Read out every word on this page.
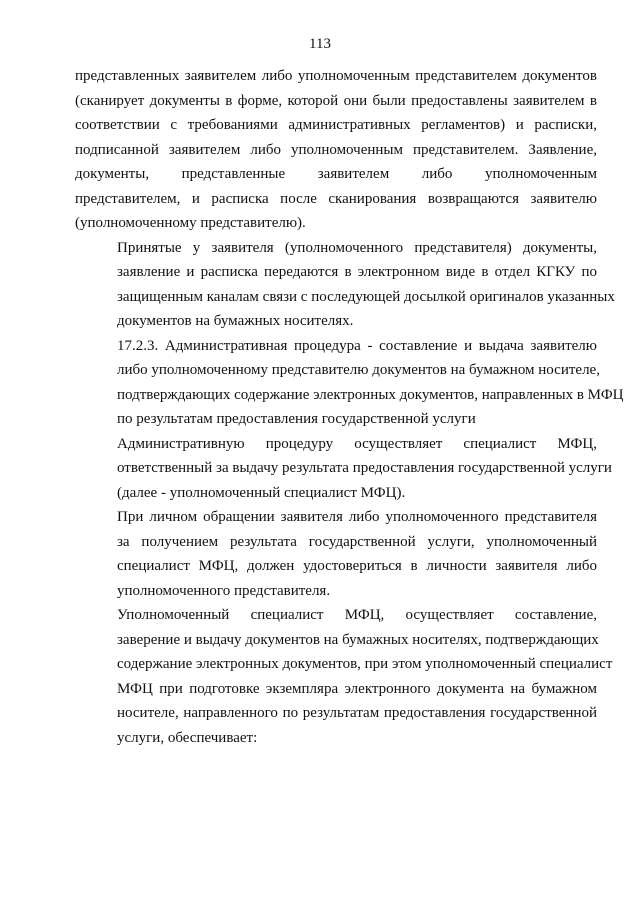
113

представленных заявителем либо уполномоченным представителем документов
(сканирует документы в форме, которой они были предоставлены заявителем в
соответствии с требованиями административных регламентов) и расписки,
подписанной заявителем либо уполномоченным представителем. Заявление,
документы, представленные заявителем либо уполномоченным
представителем, и расписка после сканирования возвращаются заявителю
(уполномоченному представителю).

Принятые у заявителя (уполномоченного представителя) документы,
заявление и расписка передаются в электронном виде в отдел КГКУ по
защищенным каналам связи с последующей досылкой оригиналов указанных
документов на бумажных носителях.

17.2.3. Административная процедура - составление и выдача заявителю
либо уполномоченному представителю документов на бумажном носителе,
подтверждающих содержание электронных документов, направленных в МФЦ
по результатам предоставления государственной услуги

Административную процедуру осуществляет специалист МФЦ,
ответственный за выдачу результата предоставления государственной услуги
(далее - уполномоченный специалист МФЦ).

При личном обращении заявителя либо уполномоченного представителя
за получением результата государственной услуги, уполномоченный
специалист МФЦ, должен удостовериться в личности заявителя либо
уполномоченного представителя.

Уполномоченный специалист МФЦ, осуществляет составление,
заверение и выдачу документов на бумажных носителях, подтверждающих
содержание электронных документов, при этом уполномоченный специалист
МФЦ при подготовке экземпляра электронного документа на бумажном
носителе, направленного по результатам предоставления государственной
услуги, обеспечивает:
